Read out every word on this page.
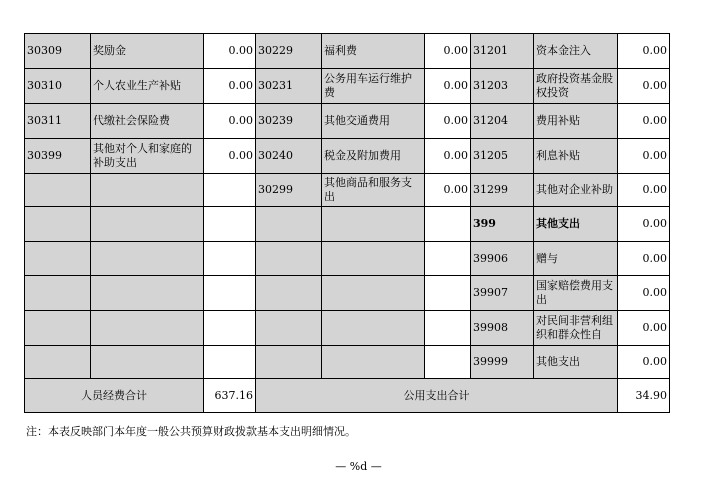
30309	奖励金	0.00	30229	福利费	0.00	31201	资本金注入	0.00
30310	个人农业生产补贴	0.00	30231	公务用车运行维护费	0.00	31203	政府投资基金股权投资	0.00
30311	代缴社会保险费	0.00	30239	其他交通费用	0.00	31204	费用补贴	0.00
30399	其他对个人和家庭的补助支出	0.00	30240	税金及附加费用	0.00	31205	利息补贴	0.00
			30299	其他商品和服务支出	0.00	31299	其他对企业补助	0.00
						399	其他支出	0.00
						39906	赠与	0.00
						39907	国家赔偿费用支出	0.00
						39908	对民间非营利组织和群众性自	0.00
						39999	其他支出	0.00
人员经费合计		637.16	公用支出合计					34.90
注：本表反映部门本年度一般公共预算财政拨款基本支出明细情况。
— %d —
